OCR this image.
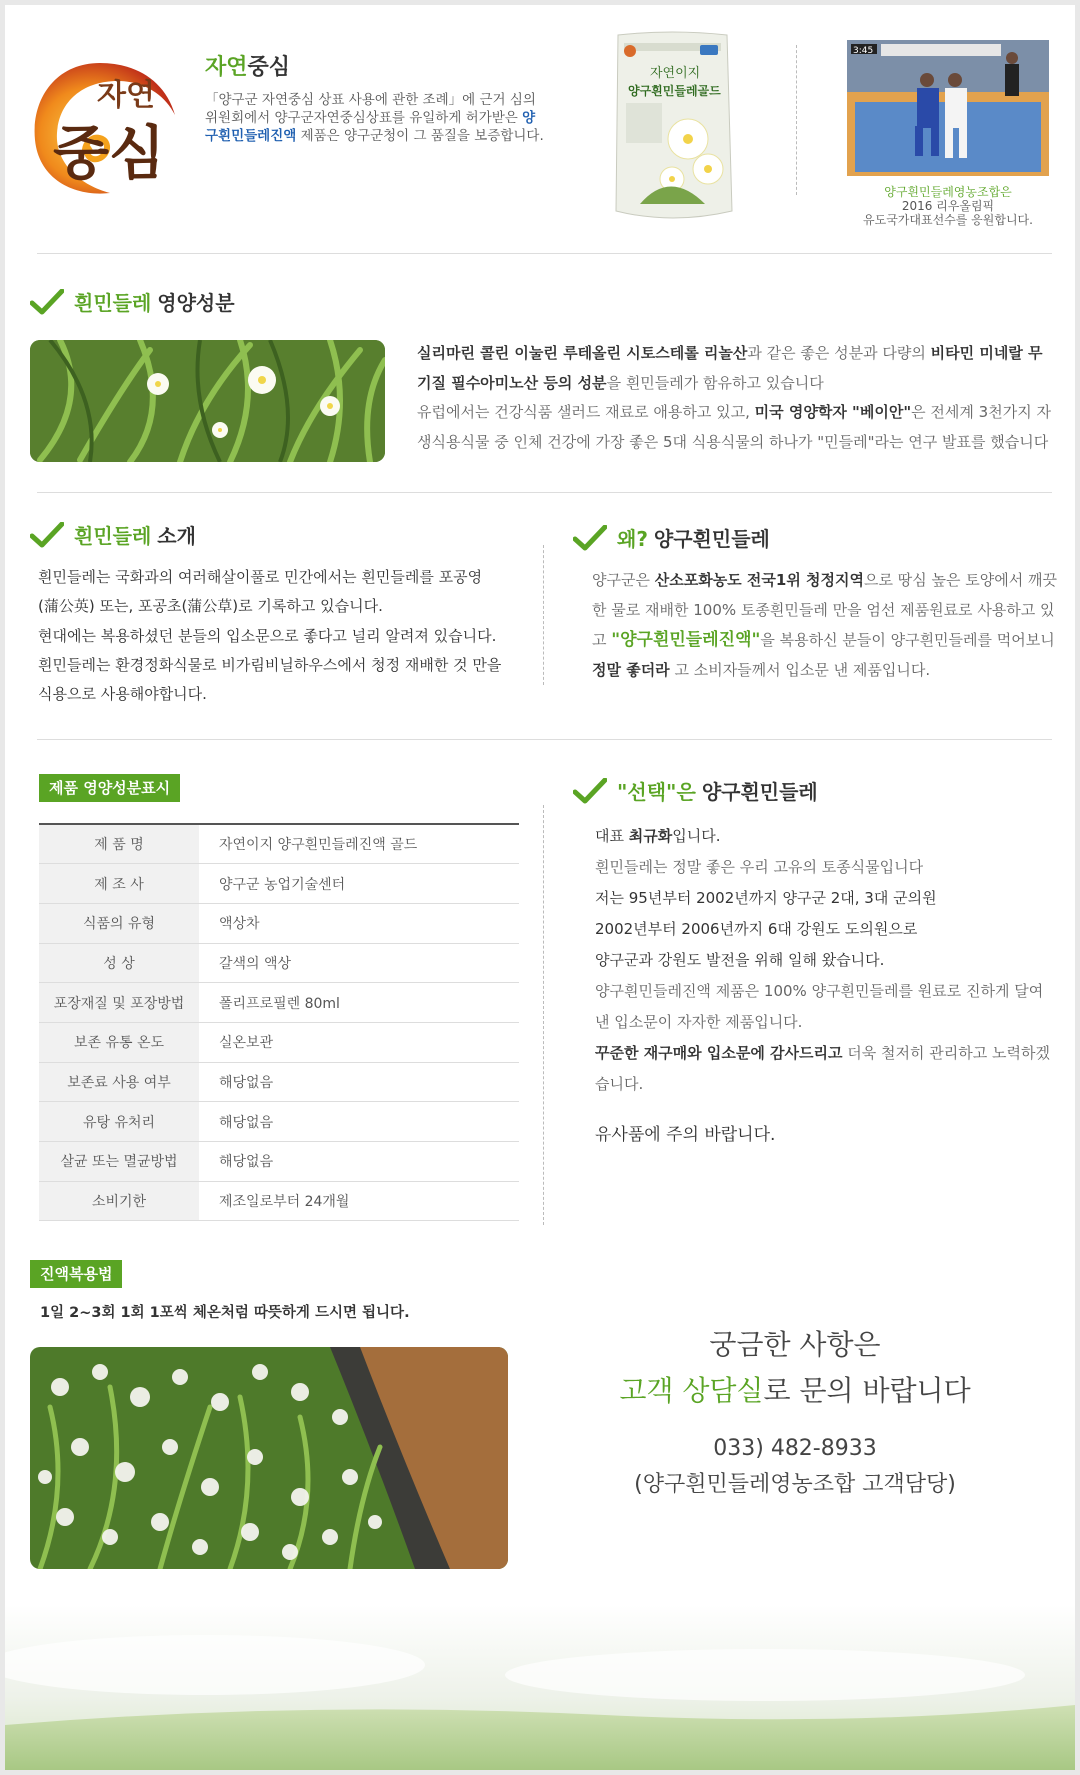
자연
중심
자연중심
「양구군 자연중심 상표 사용에 관한 조례」에 근거 심의위원회에서 양구군자연중심상표를 유일하게 허가받은 양구흰민들레진액 제품은 양구군청이 그 품질을 보증합니다.
자연이지
양구흰민들레골드
3:45
양구흰민들레영농조합은
2016 리우올림픽
유도국가대표선수를 응원합니다.
흰민들레 영양성분

실리마린 콜린 이눌린 루테올린 시토스테롤 리놀산과 같은 좋은 성분과 다량의 비타민 미네랄 무기질 필수아미노산 등의 성분을 흰민들레가 함유하고 있습니다

유럽에서는 건강식품 샐러드 재료로 애용하고 있고, 미국 영양학자 "베이안"은 전세계 3천가지 자생식용식물 중 인체 건강에 가장 좋은 5대 식용식물의 하나가 "민들레"라는 연구 발표를 했습니다

흰민들레 소개
흰민들레는 국화과의 여러해살이풀로 민간에서는 흰민들레를 포공영
(蒲公英) 또는, 포공초(蒲公草)로 기록하고 있습니다.
현대에는 복용하셨던 분들의 입소문으로 좋다고 널리 알려져 있습니다.
흰민들레는 환경정화식물로 비가림비닐하우스에서 청정 재배한 것 만을
식용으로 사용해야합니다.
왜? 양구흰민들레
양구군은 산소포화농도 전국1위 청정지역으로 땅심 높은 토양에서 깨끗한 물로 재배한 100% 토종흰민들레 만을 엄선 제품원료로 사용하고 있고 "양구흰민들레진액"을 복용하신 분들이 양구흰민들레를 먹어보니 정말 좋더라 고 소비자들께서 입소문 낸 제품입니다.
제품 영양성분표시
제 품 명	자연이지 양구흰민들레진액 골드
제 조 사	양구군 농업기술센터
식품의 유형	액상차
성 상	갈색의 액상
포장재질 및 포장방법	폴리프로필렌 80ml
보존 유통 온도	실온보관
보존료 사용 여부	해당없음
유탕 유처리	해당없음
살균 또는 멸균방법	해당없음
소비기한	제조일로부터 24개월
"선택"은 양구흰민들레
대표 최규화입니다.
흰민들레는 정말 좋은 우리 고유의 토종식물입니다
저는 95년부터 2002년까지 양구군 2대, 3대 군의원
2002년부터 2006년까지 6대 강원도 도의원으로
양구군과 강원도 발전을 위해 일해 왔습니다.
양구흰민들레진액 제품은 100% 양구흰민들레를 원료로 진하게 달여낸 입소문이 자자한 제품입니다.
꾸준한 재구매와 입소문에 감사드리고 더욱 철저히 관리하고 노력하겠습니다.
유사품에 주의 바랍니다.
진액복용법
1일 2~3회 1회 1포씩 체온처럼 따뜻하게 드시면 됩니다.
궁금한 사항은
고객 상담실로 문의 바랍니다
033) 482-8933
(양구흰민들레영농조합 고객담당)
